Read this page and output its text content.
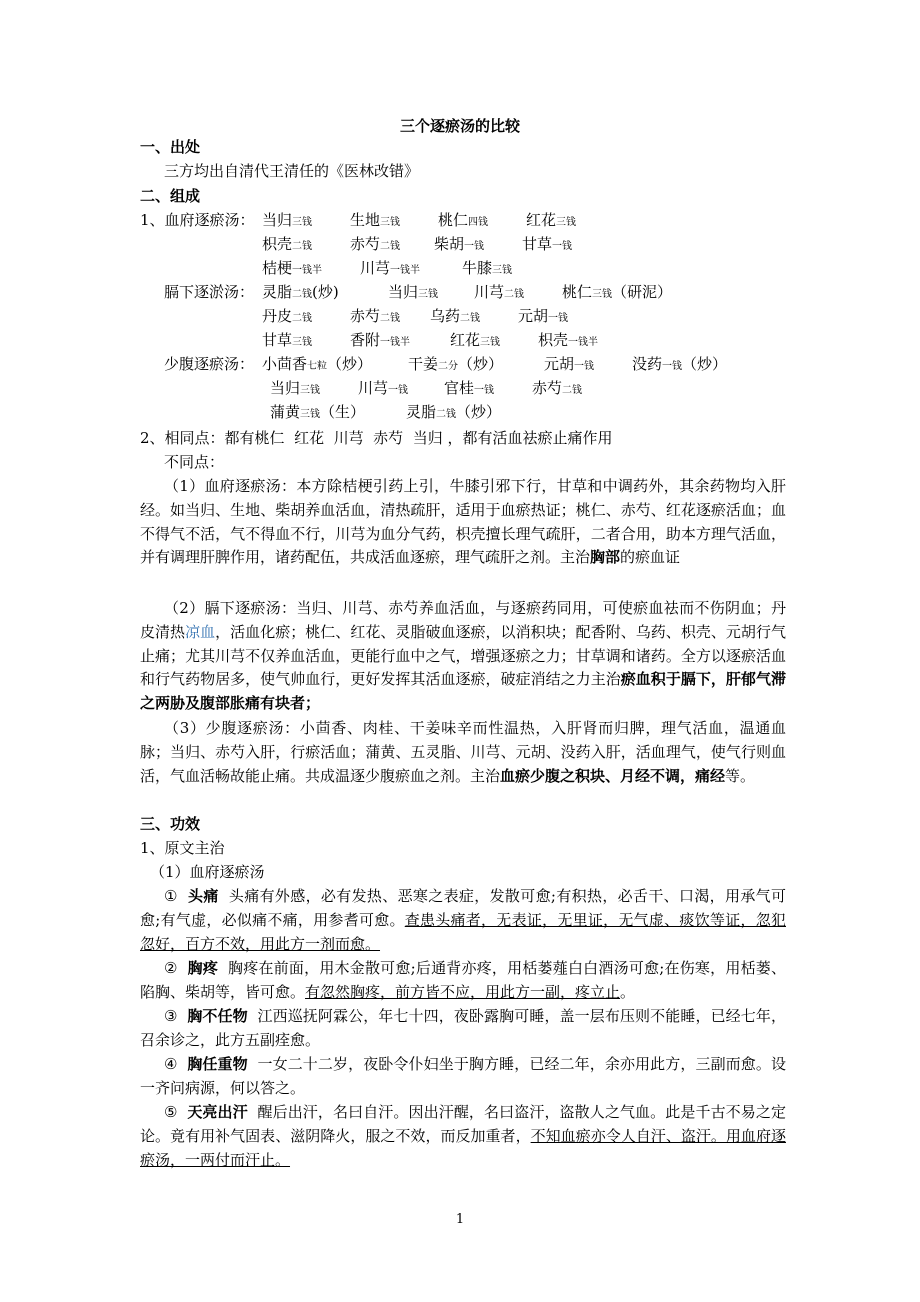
三个逐瘀汤的比较
一、出处
三方均出自清代王清任的《医林改错》
二、组成
1、血府逐瘀汤： 当归三钱	生地三钱	桃仁四钱	红花三钱
枳壳二钱	赤芍二钱 柴胡一钱	甘草一钱
桔梗一钱半	川芎一钱半	牛膝三钱
膈下逐淤汤： 灵脂二钱(炒)	当归三钱 川芎二钱	桃仁三钱（研泥）
丹皮二钱	赤芍二钱 乌药二钱	元胡一钱
甘草三钱	香附一钱半	红花三钱	枳壳一钱半
少腹逐瘀汤： 小茴香七粒（炒） 干姜二分（炒）	元胡一钱	没药一钱（炒）
当归三钱	川芎一钱 官桂一钱	赤芍二钱
蒲黄三钱（生）	灵脂二钱（炒）
2、相同点：都有桃仁  红花  川芎  赤芍  当归 ，都有活血祛瘀止痛作用
不同点：
（1）血府逐瘀汤：本方除桔梗引药上引，牛膝引邪下行，甘草和中调药外，其余药物均入肝经。如当归、生地、柴胡养血活血，清热疏肝，适用于血瘀热证；桃仁、赤芍、红花逐瘀活血；血不得气不活，气不得血不行，川芎为血分气药，枳壳擅长理气疏肝，二者合用，助本方理气活血，并有调理肝脾作用，诸药配伍，共成活血逐瘀，理气疏肝之剂。主治胸部的瘀血证
（2）膈下逐瘀汤：当归、川芎、赤芍养血活血，与逐瘀药同用，可使瘀血祛而不伤阴血；丹皮清热凉血，活血化瘀；桃仁、红花、灵脂破血逐瘀，以消积块；配香附、乌药、枳壳、元胡行气止痛；尤其川芎不仅养血活血，更能行血中之气，增强逐瘀之力；甘草调和诸药。全方以逐瘀活血和行气药物居多，使气帅血行，更好发挥其活血逐瘀，破症消结之力主治瘀血积于膈下，肝郁气滞之两胁及腹部胀痛有块者；
（3）少腹逐瘀汤：小茴香、肉桂、干姜味辛而性温热，入肝肾而归脾，理气活血，温通血脉；当归、赤芍入肝，行瘀活血；蒲黄、五灵脂、川芎、元胡、没药入肝，活血理气，使气行则血活，气血活畅故能止痛。共成温逐少腹瘀血之剂。主治血瘀少腹之积块、月经不调，痛经等。
三、功效
1、原文主治
（1）血府逐瘀汤
① 头痛 头痛有外感，必有发热、恶寒之表症，发散可愈;有积热，必舌干、口渴，用承气可愈;有气虚，必似痛不痛，用参耆可愈。查患头痛者，无表证，无里证，无气虚、痰饮等证，忽犯忽好，百方不效，用此方一剂而愈。
② 胸疼 胸疼在前面，用木金散可愈;后通背亦疼，用栝蒌薤白白酒汤可愈;在伤寒，用栝蒌、陷胸、柴胡等，皆可愈。有忽然胸疼，前方皆不应，用此方一副，疼立止。
③ 胸不任物 江西巡抚阿霖公，年七十四，夜卧露胸可睡，盖一层布压则不能睡，已经七年，召余诊之，此方五副痊愈。
④ 胸任重物 一女二十二岁，夜卧令仆妇坐于胸方睡，已经二年，余亦用此方，三副而愈。设一齐问病源，何以答之。
⑤ 天亮出汗 醒后出汗，名曰自汗。因出汗醒，名曰盗汗，盗散人之气血。此是千古不易之定论。竟有用补气固表、滋阴降火，服之不效，而反加重者，不知血瘀亦令人自汗、盗汗。用血府逐瘀汤，一两付而汗止。
1
